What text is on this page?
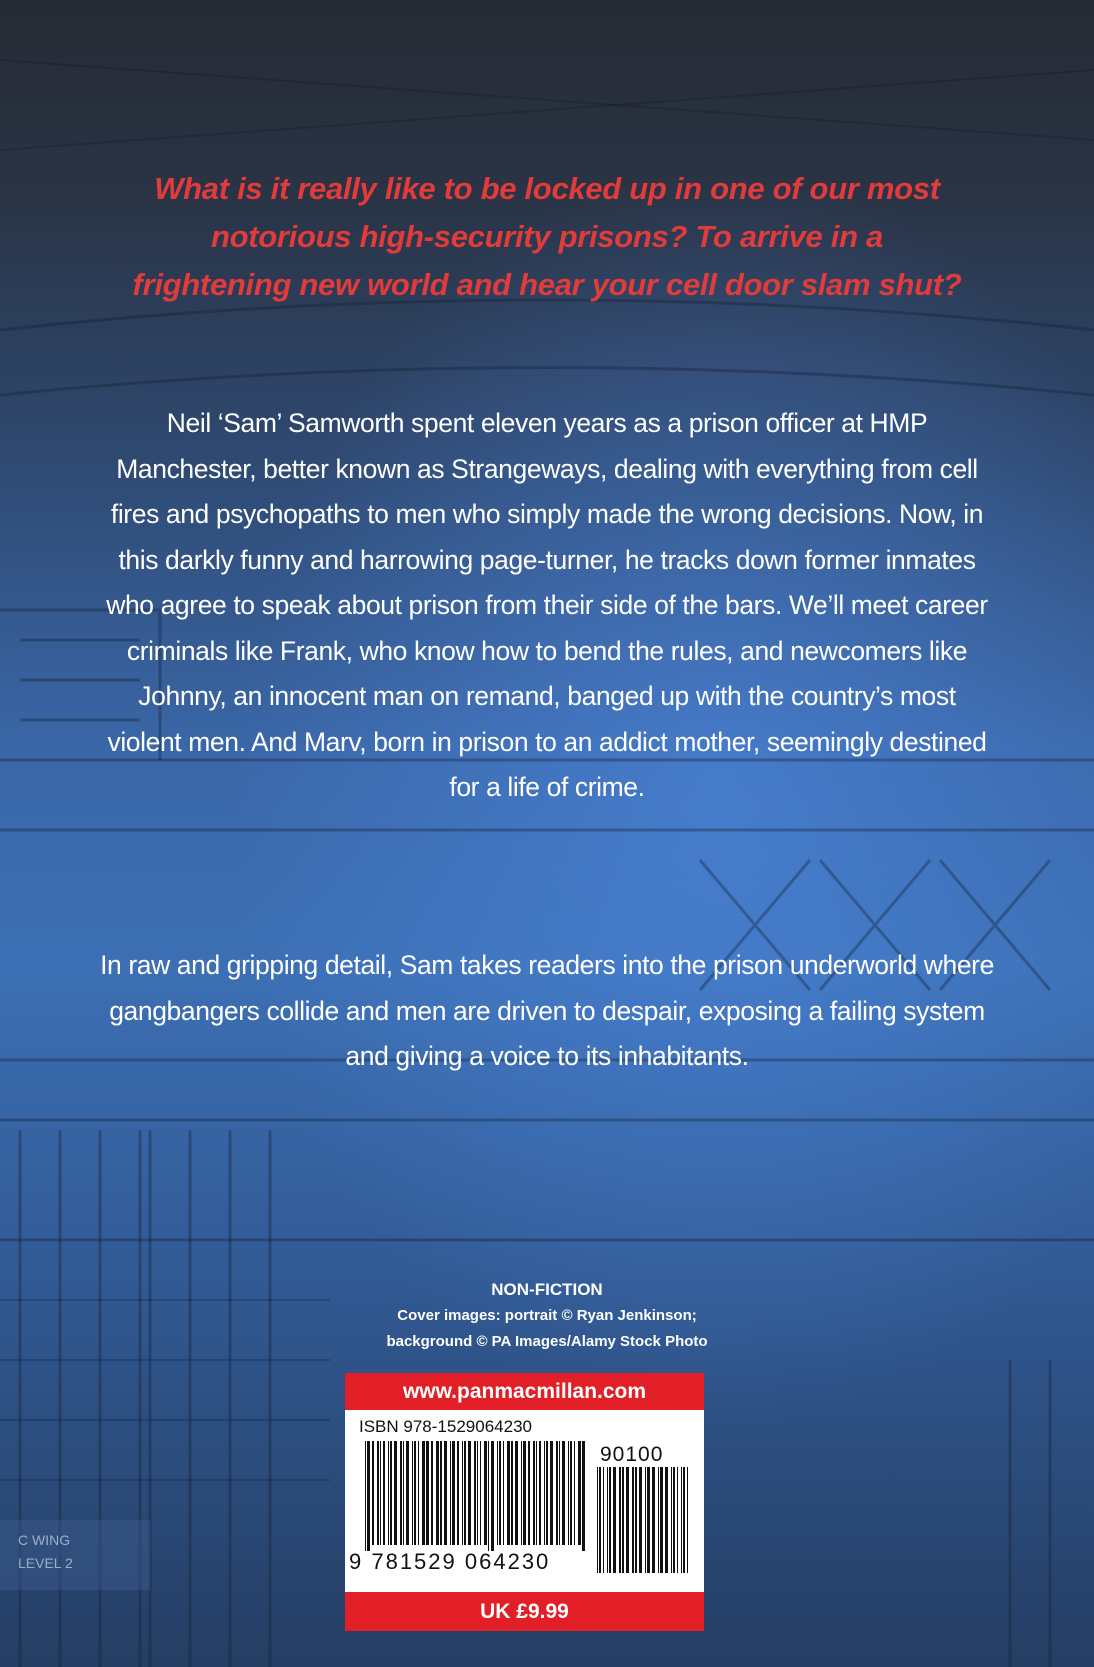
C WING
LEVEL 2
What is it really like to be locked up in one of our most notorious high-security prisons? To arrive in a frightening new world and hear your cell door slam shut?
Neil ‘Sam’ Samworth spent eleven years as a prison officer at HMP Manchester, better known as Strangeways, dealing with everything from cell fires and psychopaths to men who simply made the wrong decisions. Now, in this darkly funny and harrowing page-turner, he tracks down former inmates who agree to speak about prison from their side of the bars. We’ll meet career criminals like Frank, who know how to bend the rules, and newcomers like Johnny, an innocent man on remand, banged up with the country’s most violent men. And Marv, born in prison to an addict mother, seemingly destined for a life of crime.
In raw and gripping detail, Sam takes readers into the prison underworld where gangbangers collide and men are driven to despair, exposing a failing system and giving a voice to its inhabitants.
NON-FICTION
Cover images: portrait © Ryan Jenkinson;
background © PA Images/Alamy Stock Photo
www.panmacmillan.com
ISBN 978-1529064230
90100
9 781529 064230
UK £9.99
